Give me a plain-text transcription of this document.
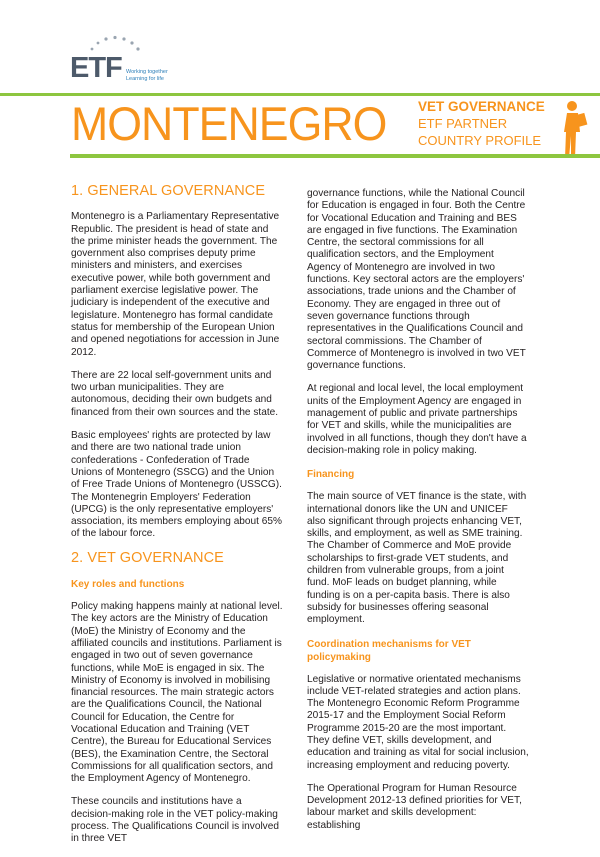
ETF Working together
Learning for life
MONTENEGRO VET GOVERNANCE
ETF PARTNER
COUNTRY PROFILE
1. GENERAL GOVERNANCE

Montenegro is a Parliamentary Representative Republic. The president is head of state and the prime minister heads the government. The government also comprises deputy prime ministers and ministers, and exercises executive power, while both government and parliament exercise legislative power. The judiciary is independent of the executive and legislature. Montenegro has formal candidate status for membership of the European Union and opened negotiations for accession in June 2012.

There are 22 local self-government units and two urban municipalities. They are autonomous, deciding their own budgets and financed from their own sources and the state.

Basic employees' rights are protected by law and there are two national trade union confederations - Confederation of Trade Unions of Montenegro (SSCG) and the Union of Free Trade Unions of Montenegro (USSCG). The Montenegrin Employers' Federation (UPCG) is the only representative employers' association, its members employing about 65% of the labour force.

2. VET GOVERNANCE
Key roles and functions

Policy making happens mainly at national level. The key actors are the Ministry of Education (MoE) the Ministry of Economy and the affiliated councils and institutions. Parliament is engaged in two out of seven governance functions, while MoE is engaged in six. The Ministry of Economy is involved in mobilising financial resources. The main strategic actors are the Qualifications Council, the National Council for Education, the Centre for Vocational Education and Training (VET Centre), the Bureau for Educational Services (BES), the Examination Centre, the Sectoral Commissions for all qualification sectors, and the Employment Agency of Montenegro.

These councils and institutions have a decision-making role in the VET policy-making process. The Qualifications Council is involved in three VET

governance functions, while the National Council for Education is engaged in four. Both the Centre for Vocational Education and Training and BES are engaged in five functions. The Examination Centre, the sectoral commissions for all qualification sectors, and the Employment Agency of Montenegro are involved in two functions. Key sectoral actors are the employers' associations, trade unions and the Chamber of Economy. They are engaged in three out of seven governance functions through representatives in the Qualifications Council and sectoral commissions. The Chamber of Commerce of Montenegro is involved in two VET governance functions.

At regional and local level, the local employment units of the Employment Agency are engaged in management of public and private partnerships for VET and skills, while the municipalities are involved in all functions, though they don't have a decision-making role in policy making.

Financing

The main source of VET finance is the state, with international donors like the UN and UNICEF also significant through projects enhancing VET, skills, and employment, as well as SME training. The Chamber of Commerce and MoE provide scholarships to first-grade VET students, and children from vulnerable groups, from a joint fund. MoF leads on budget planning, while funding is on a per-capita basis. There is also subsidy for businesses offering seasonal employment.

Coordination mechanisms for VET policymaking

Legislative or normative orientated mechanisms include VET-related strategies and action plans. The Montenegro Economic Reform Programme 2015-17 and the Employment Social Reform Programme 2015-20 are the most important. They define VET, skills development, and education and training as vital for social inclusion, increasing employment and reducing poverty.

The Operational Program for Human Resource Development 2012-13 defined priorities for VET, labour market and skills development: establishing
